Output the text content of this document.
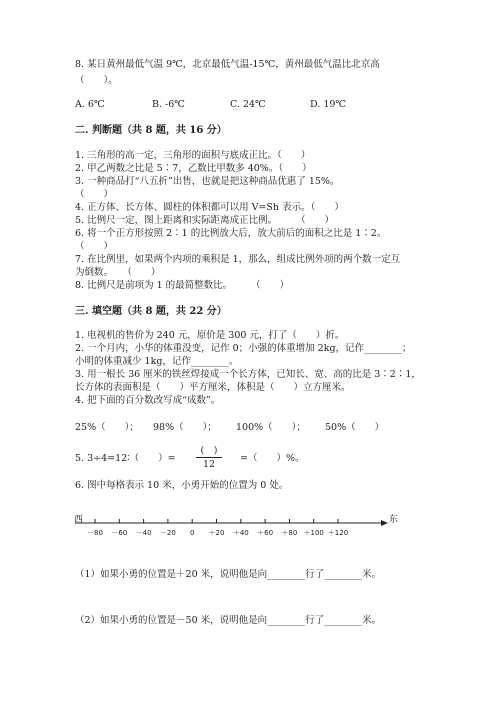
8. 某日黄州最低气温 9℃，北京最低气温-15℃，黄州最低气温比北京高
（　　）。
A. 6℃	B. -6℃	C. 24℃	D. 19℃
二. 判断题（共 8 题，共 16 分）
1. 三角形的高一定，三角形的面积与底成正比。（　　）
2. 甲乙两数之比是 5∶7，乙数比甲数多 40%。（　　）
3. 一种商品打“八五折”出售，也就是把这种商品优惠了 15%。
（　　）
4. 正方体、长方体、圆柱的体积都可以用 V=Sh 表示。（　　）
5. 比例尺一定，图上距离和实际距离成正比例。　　　（　　）
6. 将一个正方形按照 2∶1 的比例放大后，放大前后的面积之比是 1∶2。
（　　）
7. 在比例里，如果两个内项的乘积是 1，那么，组成比例外项的两个数一定互
为倒数。　　（　　）
8. 比例尺是前项为 1 的最简整数比。　　　（　　）
三. 填空题（共 8 题，共 22 分）
1. 电视机的售价为 240 元，原价是 300 元，打了（　　）折。
2. 一个月内，小华的体重没变，记作 0；小强的体重增加 2kg，记作________；
小明的体重减少 1kg，记作________。
3. 用一根长 36 厘米的铁丝焊接成一个长方体，已知长、宽、高的比是 3∶2∶1，
长方体的表面积是（　　）平方厘米，体积是（　　）立方厘米。
4. 把下面的百分数改写成“成数”。
25%（　　）； 98%（　　）； 100%（　　）； 50%（　　）
5. 3÷4=12∶（　　）=
(　)
12
=（　　）%。
6. 图中每格表示 10 米，小勇开始的位置为 0 处。
西	东
－80 －60 －40 －20 0 ＋20 ＋40 ＋60 ＋80 ＋100 ＋120
（1）如果小勇的位置是＋20 米，说明他是向________行了________米。
（2）如果小勇的位置是－50 米，说明他是向________行了________米。
